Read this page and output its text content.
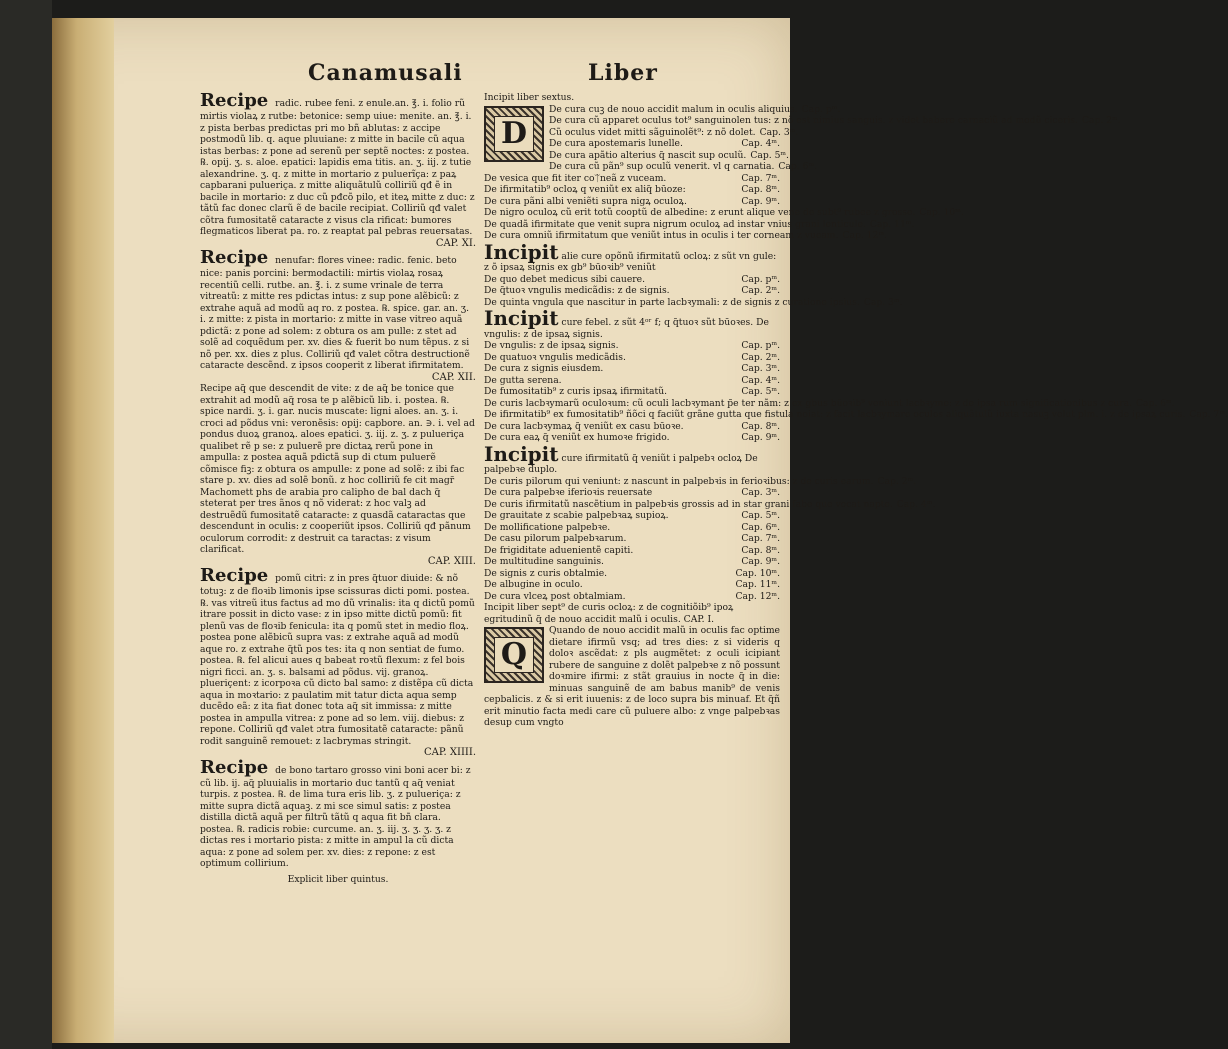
Canamusali	Liber
Recipe radic. rubee feni. z enule.an. ℥. i. folio rũ mirtis violaꝝ z rutbe: betonice: semp uiue: menite. an. ℥. i. z pista berbas predictas pri mo bñ ablutas: z accipe postmodũ lib. q. aque pluuiane: z mitte in bacile cũ aqua istas berbas: z pone ad serenũ per septẽ noctes: z postea. ℞. opij. ʒ. s. aloe. epatici: lapidis ema titis. an. ʒ. iij. z tutie alexandrine. ʒ. q. z mitte in mortario z puluerĩça: z paꝝ capbarani pulueriça. z mitte aliquãtulũ colliriũ qđ ẽ in bacile in mortario: z duc cũ pđcõ pilo, et iteꝝ mitte z duc: z tãtũ fac donec clarũ ẽ de bacile recipiat. Colliriũ qđ valet cõtra fumositatẽ cataracte z visus cla rificat: bumores flegmaticos liberat pa. ro. z reaptat pal pebras reuersatas.
CAP. XI.
Recipe nenufar: flores vinee: radic. fenic. beto nice: panis porcini: bermodactili: mirtis violaꝝ rosaꝝ recentiũ celli. rutbe. an. ℥. i. z sume vrinale de terra vitreatũ: z mitte res pdictas intus: z sup pone alẽbicũ: z extrahe aquã ad modũ aq ro. z postea. ℞. spice. gar. an. ʒ. i. z mitte: z pista in mortario: z mitte in vase vitreo aquã pdictã: z pone ad solem: z obtura os am pulle: z stet ad solẽ ad coquẽdum per. xv. dies & fuerit bo num tẽpus. z si nõ per. xx. dies z plus. Colliriũ qđ valet cõtra destructionẽ cataracte descẽnd. z ipsos cooperit z liberat ifirmitatem.
CAP. XII.
Recipe aq̃ que descendit de vite: z de aq̃ be tonice que extrahit ad modũ aq̃ rosa te p alẽbicũ lib. i. postea. ℞. spice nardi. ʒ. i. gar. nucis muscate: ligni aloes. an. ʒ. i. croci ad põdus vni: veronẽsis: opij: capbore. an. ∋. i. vel ad pondus duoꝝ granoꝝ. aloes epatici. ʒ. iij. z. ʒ. z pulueriça qualibet rẽ p se: z puluerẽ pre dictaꝝ rerũ pone in ampulla: z postea aquã pdictã sup di ctum puluerẽ cõmisce fiꝫ: z obtura os ampulle: z pone ad solẽ: z ibi fac stare p. xv. dies ad solẽ bonũ. z hoc colliriũ fe cit magr̃ Machomett phs de arabia pro calipho de bal dach q̃ steterat per tres ãnos q nõ viderat: z hoc valꝫ ad destruẽdũ fumositatẽ cataracte: z quasdã cataractas que descendunt in oculis: z cooperiũt ipsos. Colliriũ qđ pãnum oculorum corrodit: z destruit ca taractas: z visum clarificat.
CAP. XIII.
Recipe pomũ citri: z in pres q̃tuor diuide: & nõ totuꝫ: z de floꝛib limonis ipse scissuras dicti pomi. postea. ℞. vas vitreũ itus factus ad mo dũ vrinalis: ita q dictũ pomũ itrare possit in dicto vase: z in ipso mitte dictũ pomũ: fit plenũ vas de floꝛib fenicula: ita q pomũ stet in medio floꝝ. postea pone alẽbicũ supra vas: z extrahe aquã ad modũ aque ro. z extrahe q̃tũ pos tes: ita q non sentiat de fumo. postea. ℞. fel alicui aues q babeat roꝛtũ flexum: z fel bois nigri ficci. an. ʒ. s. balsami ad põdus. vij. granoꝝ. plueriçent: z icorpoꝛa cũ dicto bal samo: z distẽpa cũ dicta aqua in moꝛtario: z paulatim mit tatur dicta aqua semp ducẽdo eã: z ita fiat donec tota aq̃ sit immissa: z mitte postea in ampulla vitrea: z pone ad so lem. viij. diebus: z repone. Colliriũ qđ valet ɔtra fumositatẽ cataracte: pãnũ rodit sanguinẽ remouet: z lacbrymas stringit.
CAP. XIIII.
Recipe de bono tartaro grosso vini boni acer bi: z cũ lib. ij. aq̃ pluuialis in mortario duc tantũ q aq̃ veniat turpis. z postea. ℞. de lima tura eris lib. ʒ. z pulueriça: z mitte supra dictã aquaꝫ. z mi sce simul satis: z postea distilla dictã aquã per filtrũ tãtũ q aqua fit bñ clara. postea. ℞. radicis robie: curcume. an. ʒ. iij. ʒ. ʒ. ʒ. ʒ. z dictas res i mortario pista: z mitte in ampul la cũ dicta aqua: z pone ad solem per. xv. dies: z repone: z est optimum collirium.
Explicit liber quintus.
Incipit liber sextus.
D
De cura cuꝫ de nouo accidit malum in oculis aliquius. Cap. pᵐ.
De cura cũ apparet oculus tot⁹ sanguinolen tus: z nõ est nimius sanguis. z videt babere carnaciũ ad modũ ciceris. Cap. 2ᵐ.
Cũ oculus videt mitti sãguinolẽt⁹: z nõ dolet. Cap. 3ᵐ.
De cura apostemaris lunelle.	Cap. 4ᵐ.
De cura apãtio alterius q̃ nascit sup oculũ. Cap. 5ᵐ.
De cura cũ pãn⁹ sup oculũ venerit. vl q carnatia. Cap. 6ᵐ.
De vesica que fit iter coᛠneã z vuceam.	Cap. 7ᵐ.
De ifirmitatib⁹ ocloꝝ q veniũt ex aliq̃ būoze:	Cap. 8ᵐ.
De cura pãni albi veniẽti supra nigꝝ oculoꝝ.	Cap. 9ᵐ.
De nigro oculoꝝ cũ erit totũ cooptũ de albedine: z erunt alique vene de subt⁹ rubee z grosse. Cap. 10ᵐ.
De quadã ifirmitate que venit supra nigrum oculoꝝ ad instar vnius grani lenticule. Cap. 11ᵐ.
De cura omniũ ifirmitatum que veniũt intus in oculis i ter corneam z vueam. Cap. 12ᵐ.
Incipit alie cure opõnũ ifirmitatũ ocloꝝ: z sũt vn gule: z õ ipsaꝝ signis ex gb⁹ būoꝛib⁹ veniũt
De quo debet medicus sibi cauere.	Cap. pᵐ.
De q̃tuoꝛ vngulis medicãdis: z de signis.	Cap. 2ᵐ.
De quinta vngula que nascitur in parte lacbꝛymali: z de signis z curatione ipsius. Cap. 3ᵐ.
Incipit cure febel. z sũt 4ᵒʳ f; q q̃tuoꝛ sũt būoꝛes. De vngulis: z de ipsaꝝ signis.
De vngulis: z de ipsaꝝ signis.	Cap. pᵐ.
De quatuoꝛ vngulis medicãdis.	Cap. 2ᵐ.
De cura z signis eiusdem.	Cap. 3ᵐ.
De gutta serena.	Cap. 4ᵐ.
De fumositatib⁹ z curis ipsaꝝ ifirmitatũ.	Cap. 5ᵐ.
De curis lacbꝛymarũ oculoꝛum: cũ oculi lacbꝛymant p̃e ter nãm: z ex gbus būoꝛib⁹ veniunt lacbꝛyme: z de ipsa rum significationibus z cura. Cap. 6ᵐ.
De ifirmitatib⁹ ex fumositatib⁹ ñõci q faciũt grãne gutta que fistula noiat: z facit lacbꝛymare oculos aliquãtulũ iuxta nasuꝫ velut plm. i. z de ipsaꝝ curis. Cap. 7ᵐ.
De cura lacbꝛymaꝝ q̃ veniũt ex casu būoꝛe.	Cap. 8ᵐ.
De cura eaꝝ q̃ veniũt ex humoꝛe frigido.	Cap. 9ᵐ.
Incipit cure ifirmitatũ q̃ veniũt i palpebꝛ ocloꝝ De palpebꝛe duplo.
De curis pilorum qui veniunt: z nascunt in palpebꝛis in ferioꝛibus: z de curis earum. Cap. 2ᵐ.
De cura palpebꝛe iferioꝛis reuersate	Cap. 3ᵐ.
De curis ifirmitatũ nascẽtium in palpebꝛis grossis ad in star grani fabe que vocat napte. Cap. 4ᵐ.
De grauitate z scabie palpebꝛaꝝ supioꝝ.	Cap. 5ᵐ.
De mollificatione palpebꝛe.	Cap. 6ᵐ.
De casu pilorum palpebꝛarum.	Cap. 7ᵐ.
De frigiditate aduenientẽ capiti.	Cap. 8ᵐ.
De multitudine sanguinis.	Cap. 9ᵐ.
De signis z curis obtalmie.	Cap. 10ᵐ.
De albugine in oculo.	Cap. 11ᵐ.
De cura vlceꝝ post obtalmiam.	Cap. 12ᵐ.
Incipit liber sept⁹ de curis ocloꝝ: z de cognitiõib⁹ ipoꝝ egritudinũ q̃ de nouo accidit malũ i oculis. CAP. I.
Q
Quando de nouo accidit malũ in oculis fac optime dietare ifirmũ vsq; ad tres dies: z si videris q doloꝛ ascẽdat: z pls augmẽtet: z oculi icipiant rubere de sanguine z dolẽt palpebꝛe z nõ possunt doꝛmire ifirmi: z stãt grauius in nocte q̃ in die: minuas sanguinẽ de am babus manib⁹ de venis cepbalicis. z & si erit iuuenis: z de loco supra bis minuaf. Et q̃ñ erit minutio facta medi care cũ puluere albo: z vnge palpebꝛas desup cum vngto
